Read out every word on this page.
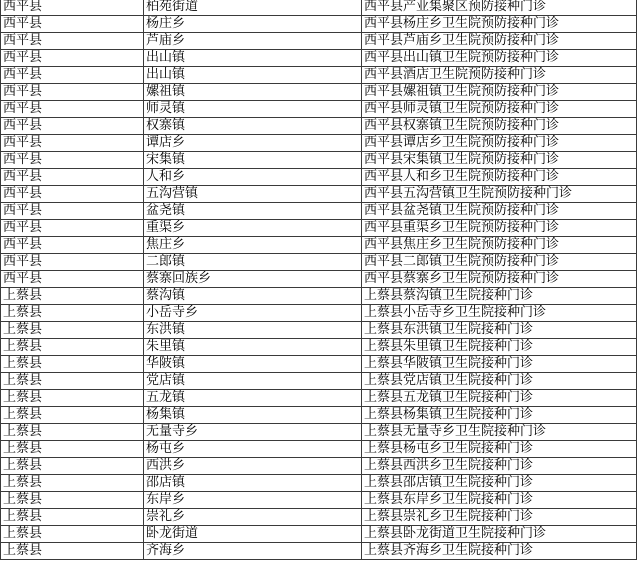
西平县	柏苑街道	西平县产业集聚区预防接种门诊
西平县	杨庄乡	西平县杨庄乡卫生院预防接种门诊
西平县	芦庙乡	西平县芦庙乡卫生院预防接种门诊
西平县	出山镇	西平县出山镇卫生院预防接种门诊
西平县	出山镇	西平县酒店卫生院预防接种门诊
西平县	嫘祖镇	西平县嫘祖镇卫生院预防接种门诊
西平县	师灵镇	西平县师灵镇卫生院预防接种门诊
西平县	权寨镇	西平县权寨镇卫生院预防接种门诊
西平县	谭店乡	西平县谭店乡卫生院预防接种门诊
西平县	宋集镇	西平县宋集镇卫生院预防接种门诊
西平县	人和乡	西平县人和乡卫生院预防接种门诊
西平县	五沟营镇	西平县五沟营镇卫生院预防接种门诊
西平县	盆尧镇	西平县盆尧镇卫生院预防接种门诊
西平县	重渠乡	西平县重渠乡卫生院预防接种门诊
西平县	焦庄乡	西平县焦庄乡卫生院预防接种门诊
西平县	二郎镇	西平县二郎镇卫生院预防接种门诊
西平县	蔡寨回族乡	西平县蔡寨乡卫生院预防接种门诊
上蔡县	蔡沟镇	上蔡县蔡沟镇卫生院接种门诊
上蔡县	小岳寺乡	上蔡县小岳寺乡卫生院接种门诊
上蔡县	东洪镇	上蔡县东洪镇卫生院接种门诊
上蔡县	朱里镇	上蔡县朱里镇卫生院接种门诊
上蔡县	华陂镇	上蔡县华陂镇卫生院接种门诊
上蔡县	党店镇	上蔡县党店镇卫生院接种门诊
上蔡县	五龙镇	上蔡县五龙镇卫生院接种门诊
上蔡县	杨集镇	上蔡县杨集镇卫生院接种门诊
上蔡县	无量寺乡	上蔡县无量寺乡卫生院接种门诊
上蔡县	杨屯乡	上蔡县杨屯乡卫生院接种门诊
上蔡县	西洪乡	上蔡县西洪乡卫生院接种门诊
上蔡县	邵店镇	上蔡县邵店镇卫生院接种门诊
上蔡县	东岸乡	上蔡县东岸乡卫生院接种门诊
上蔡县	崇礼乡	上蔡县崇礼乡卫生院接种门诊
上蔡县	卧龙街道	上蔡县卧龙街道卫生院接种门诊
上蔡县	齐海乡	上蔡县齐海乡卫生院接种门诊
